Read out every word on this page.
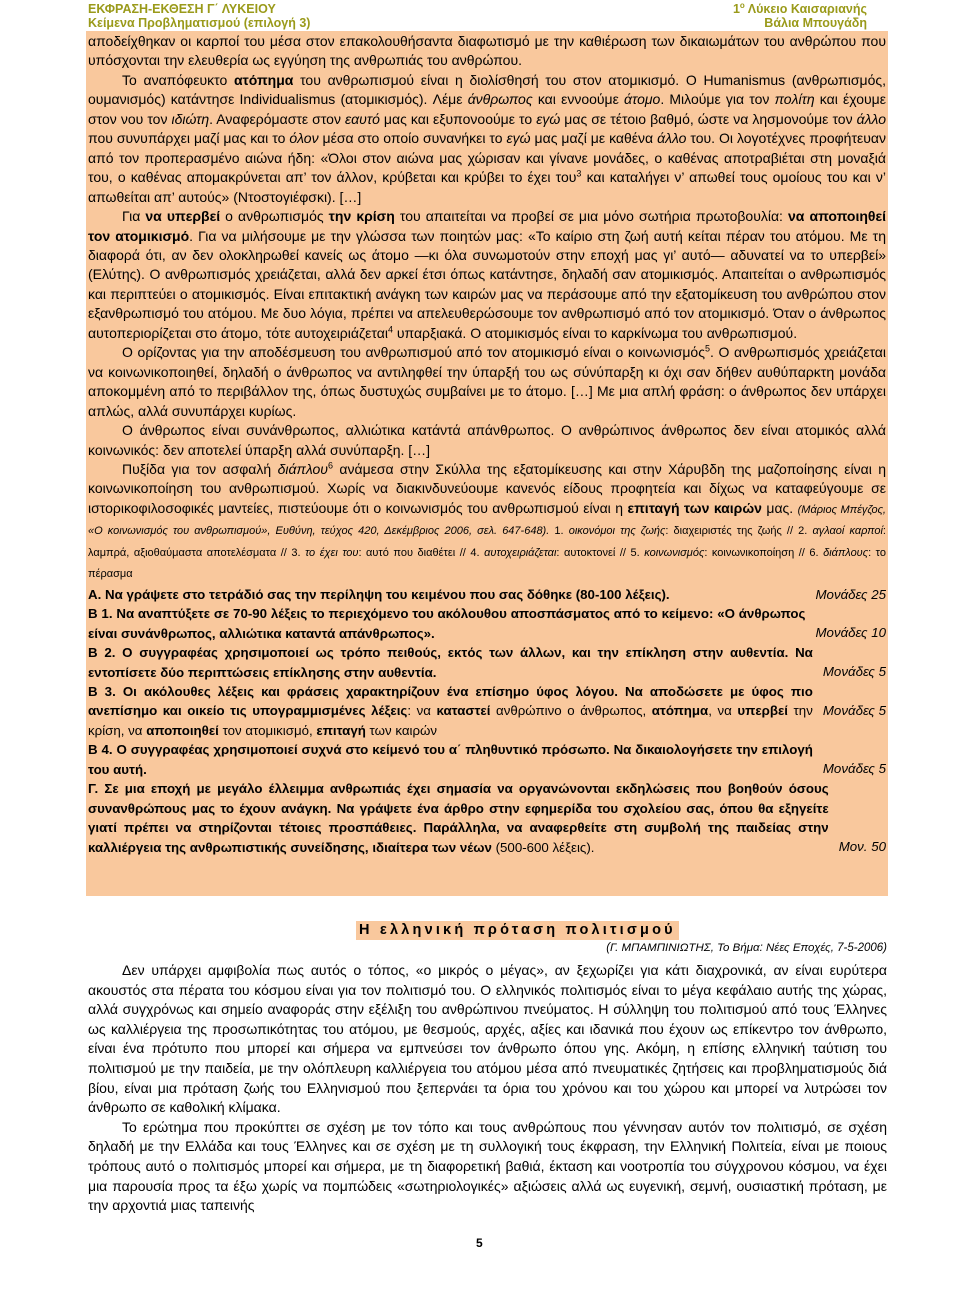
ΕΚΦΡΑΣΗ-ΕΚΘΕΣΗ Γ΄ ΛΥΚΕΙΟΥ
Κείμενα Προβληματισμού (επιλογή 3)
$1^o$ Λύκειο Καισαριανής
Βάλια Μπουγάδη

αποδείχθηκαν οι καρποί του μέσα στον επακολουθήσαντα διαφωτισμό με την καθιέρωση των δικαιωμάτων του ανθρώπου που υπόσχονται την ελευθερία ως εγγύηση της ανθρωπιάς του ανθρώπου.

Το αναπόφευκτο ατόπημα του ανθρωπισμού είναι η διολίσθησή του στον ατομικισμό. Ο Humanismus (ανθρωπισμός, ουμανισμός) κατάντησε Individualismus (ατομικισμός). Λέμε άνθρωπος και εννοούμε άτομο. Μιλούμε για τον πολίτη και έχουμε στον νου τον ιδιώτη. Αναφερόμαστε στον εαυτό μας και εξυπονοούμε το εγώ μας σε τέτοιο βαθμό, ώστε να λησμονούμε τον άλλο που συνυπάρχει μαζί μας και το όλον μέσα στο οποίο συνανήκει το εγώ μας μαζί με καθένα άλλο του. Οι λογοτέχνες προφήτευαν από τον προπερασμένο αιώνα ήδη: «Όλοι στον αιώνα μας χώρισαν και γίνανε μονάδες, ο καθένας αποτραβιέται στη μοναξιά του, ο καθένας απομακρύνεται απ’ τον άλλον, κρύβεται και κρύβει το έχει του$^3$ και καταλήγει ν’ απωθεί τους ομοίους του και ν’ απωθείται απ’ αυτούς» (Ντοστογιέφσκι). […]

Για να υπερβεί ο ανθρωπισμός την κρίση του απαιτείται να προβεί σε μια μόνο σωτήρια πρωτοβουλία: να αποποιηθεί τον ατομικισμό. Για να μιλήσουμε με την γλώσσα των ποιητών μας: «Το καίριο στη ζωή αυτή κείται πέραν του ατόμου. Με τη διαφορά ότι, αν δεν ολοκληρωθεί κανείς ως άτομο —κι όλα συνωμοτούν στην εποχή μας γι’ αυτό— αδυνατεί να το υπερβεί» (Ελύτης). Ο ανθρωπισμός χρειάζεται, αλλά δεν αρκεί έτσι όπως κατάντησε, δηλαδή σαν ατομικισμός. Απαιτείται ο ανθρωπισμός και περιπτεύει ο ατομικισμός. Είναι επιτακτική ανάγκη των καιρών μας να περάσουμε από την εξατομίκευση του ανθρώπου στον εξανθρωπισμό του ατόμου. Με δυο λόγια, πρέπει να απελευθερώσουμε τον ανθρωπισμό από τον ατομικισμό. Όταν ο άνθρωπος αυτοπεριορίζεται στο άτομο, τότε αυτοχειριάζεται$^4$ υπαρξιακά. Ο ατομικισμός είναι το καρκίνωμα του ανθρωπισμού.

Ο ορίζοντας για την αποδέσμευση του ανθρωπισμού από τον ατομικισμό είναι ο κοινωνισμός$^5$. Ο ανθρωπισμός χρειάζεται να κοινωνικοποιηθεί, δηλαδή ο άνθρωπος να αντιληφθεί την ύπαρξή του ως σύνύπαρξη κι όχι σαν δήθεν αυθύπαρκτη μονάδα αποκομμένη από το περιβάλλον της, όπως δυστυχώς συμβαίνει με το άτομο. […] Με μια απλή φράση: ο άνθρωπος δεν υπάρχει απλώς, αλλά συνυπάρχει κυρίως.

Ο άνθρωπος είναι συνάνθρωπος, αλλιώτικα κατάντά απάνθρωπος. Ο ανθρώπινος άνθρωπος δεν είναι ατομικός αλλά κοινωνικός: δεν αποτελεί ύπαρξη αλλά συνύπαρξη. […]

Πυξίδα για τον ασφαλή διάπλου$^6$ ανάμεσα στην Σκύλλα της εξατομίκευσης και στην Χάρυβδη της μαζοποίησης είναι η κοινωνικοποίηση του ανθρωπισμού. Χωρίς να διακινδυνεύουμε κανενός είδους προφητεία και δίχως να καταφεύγουμε σε ιστορικοφιλοσοφικές μαντείες, πιστεύουμε ότι ο κοινωνισμός του ανθρωπισμού είναι η επιταγή των καιρών μας. (Μάριος Μπέγζος, «Ο κοινωνισμός του ανθρωπισμού», Ευθύνη, τεύχος 420, Δεκέμβριος 2006, σελ. 647-648). 1. οικονόμοι της ζωής: διαχειριστές της ζωής // 2. αγλαοί καρποί: λαμπρά, αξιοθαύμαστα αποτελέσματα // 3. το έχει του: αυτό που διαθέτει // 4. αυτοχειριάζεται: αυτοκτονεί // 5. κοινωνισμός: κοινωνικοποίηση // 6. διάπλους: το πέρασμα

Μονάδες 25
Α. Να γράψετε στο τετράδιό σας την περίληψη του κειμένου που σας δόθηκε (80-100 λέξεις).

Μονάδες 10
Β 1. Να αναπτύξετε σε 70-90 λέξεις το περιεχόμενο του ακόλουθου αποσπάσματος από το κείμενο: «Ο άνθρωπος είναι συνάνθρωπος, αλλιώτικα καταντά απάνθρωπος».

Μονάδες 5
Β 2. Ο συγγραφέας χρησιμοποιεί ως τρόπο πειθούς, εκτός των άλλων, και την επίκληση στην αυθεντία. Να εντοπίσετε δύο περιπτώσεις επίκλησης στην αυθεντία.

Μονάδες 5
Β 3. Οι ακόλουθες λέξεις και φράσεις χαρακτηρίζουν ένα επίσημο ύφος λόγου. Να αποδώσετε με ύφος πιο ανεπίσημο και οικείο τις υπογραμμισμένες λέξεις: να καταστεί ανθρώπινο ο άνθρωπος, ατόπημα, να υπερβεί την κρίση, να αποποιηθεί τον ατομικισμό, επιταγή των καιρών

Μονάδες 5
Β 4. Ο συγγραφέας χρησιμοποιεί συχνά στο κείμενό του α΄ πληθυντικό πρόσωπο. Να δικαιολογήσετε την επιλογή του αυτή.

Μον. 50
Γ. Σε μια εποχή με μεγάλο έλλειμμα ανθρωπιάς έχει σημασία να οργανώνονται εκδηλώσεις που βοηθούν όσους συνανθρώπους μας το έχουν ανάγκη. Να γράψετε ένα άρθρο στην εφημερίδα του σχολείου σας, όπου θα εξηγείτε γιατί πρέπει να στηρίζονται τέτοιες προσπάθειες. Παράλληλα, να αναφερθείτε στη συμβολή της παιδείας στην καλλιέργεια της ανθρωπιστικής συνείδησης, ιδιαίτερα των νέων (500-600 λέξεις).

Η ελληνική πρόταση πολιτισμού
(Γ. ΜΠΑΜΠΙΝΙΩΤΗΣ, Το Βήμα: Νέες Εποχές, 7-5-2006)

Δεν υπάρχει αμφιβολία πως αυτός ο τόπος, «ο μικρός ο μέγας», αν ξεχωρίζει για κάτι διαχρονικά, αν είναι ευρύτερα ακουστός στα πέρατα του κόσμου είναι για τον πολιτισμό του. Ο ελληνικός πολιτισμός είναι το μέγα κεφάλαιο αυτής της χώρας, αλλά συγχρόνως και σημείο αναφοράς στην εξέλιξη του ανθρώπινου πνεύματος. Η σύλληψη του πολιτισμού από τους Έλληνες ως καλλιέργεια της προσωπικότητας του ατόμου, με θεσμούς, αρχές, αξίες και ιδανικά που έχουν ως επίκεντρο τον άνθρωπο, είναι ένα πρότυπο που μπορεί και σήμερα να εμπνεύσει τον άνθρωπο όπου γης. Ακόμη, η επίσης ελληνική ταύτιση του πολιτισμού με την παιδεία, με την ολόπλευρη καλλιέργεια του ατόμου μέσα από πνευματικές ζητήσεις και προβληματισμούς διά βίου, είναι μια πρόταση ζωής του Ελληνισμού που ξεπερνάει τα όρια του χρόνου και του χώρου και μπορεί να λυτρώσει τον άνθρωπο σε καθολική κλίμακα.

Το ερώτημα που προκύπτει σε σχέση με τον τόπο και τους ανθρώπους που γέννησαν αυτόν τον πολιτισμό, σε σχέση δηλαδή με την Ελλάδα και τους Έλληνες και σε σχέση με τη συλλογική τους έκφραση, την Ελληνική Πολιτεία, είναι με ποιους τρόπους αυτό ο πολιτισμός μπορεί και σήμερα, με τη διαφορετική βαθιά, έκταση και νοοτροπία του σύγχρονου κόσμου, να έχει μια παρουσία προς τα έξω χωρίς να πομπώδεις «σωτηριολογικές» αξιώσεις αλλά ως ευγενική, σεμνή, ουσιαστική πρόταση, με την αρχοντιά μιας ταπεινής

5
